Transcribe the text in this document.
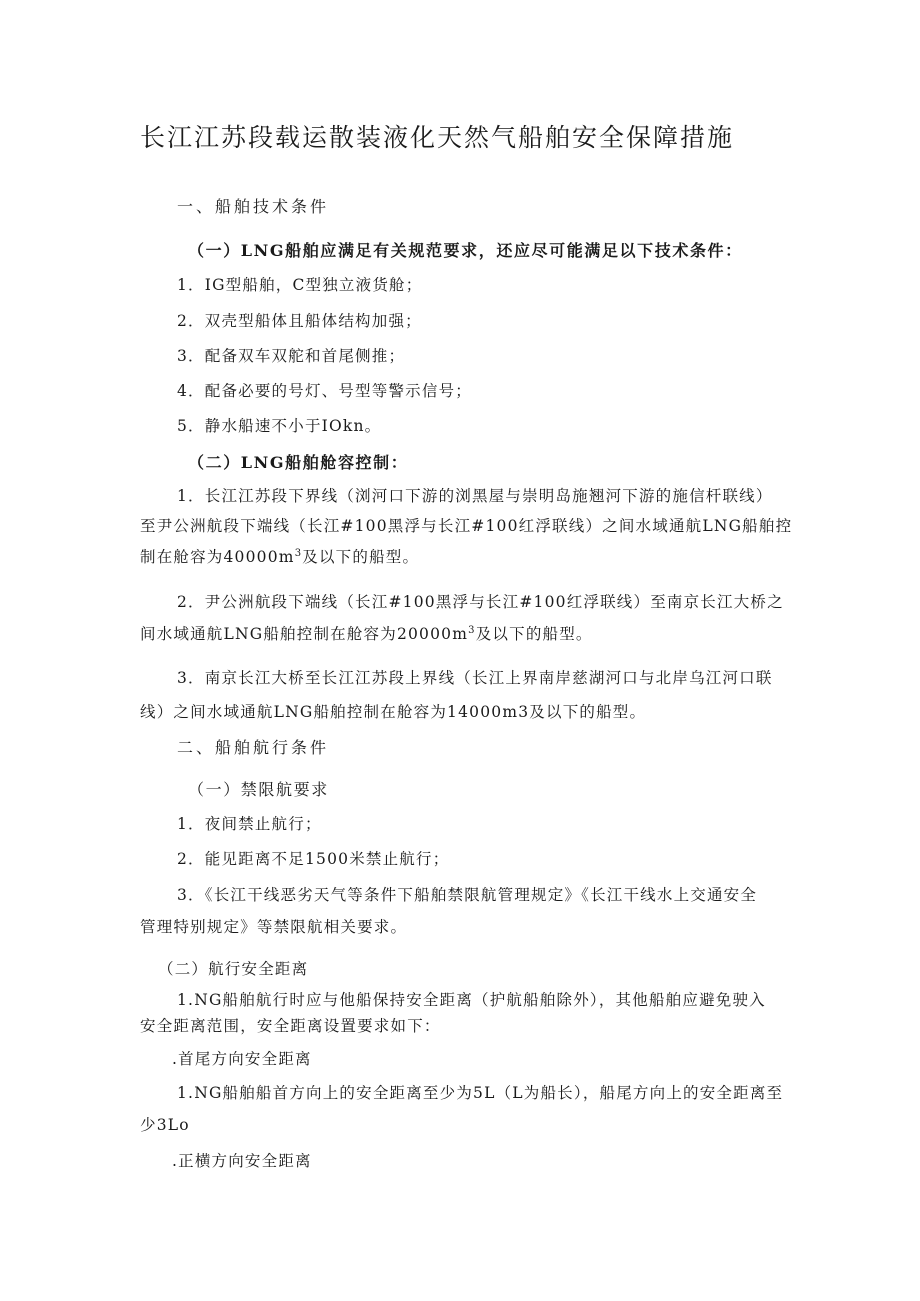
长江江苏段载运散装液化天然气船舶安全保障措施

一、船舶技术条件

（一）LNG船舶应满足有关规范要求，还应尽可能满足以下技术条件：

1．IG型船舶，C型独立液货舱；

2．双壳型船体且船体结构加强；

3．配备双车双舵和首尾侧推；

4．配备必要的号灯、号型等警示信号；

5．静水船速不小于IOkn。

（二）LNG船舶舱容控制：

1．长江江苏段下界线（浏河口下游的浏黑屋与崇明岛施翘河下游的施信杆联线）

至尹公洲航段下端线（长江#100黑浮与长江#100红浮联线）之间水域通航LNG船舶控

制在舱容为$40000m^3$及以下的船型。

2．尹公洲航段下端线（长江#100黑浮与长江#100红浮联线）至南京长江大桥之

间水域通航LNG船舶控制在舱容为$20000m^3$及以下的船型。

3．南京长江大桥至长江江苏段上界线（长江上界南岸慈湖河口与北岸乌江河口联

线）之间水域通航LNG船舶控制在舱容为14000m3及以下的船型。

二、船舶航行条件

（一）禁限航要求

1．夜间禁止航行；

2．能见距离不足1500米禁止航行；

3．《长江干线恶劣天气等条件下船舶禁限航管理规定》《长江干线水上交通安全

管理特别规定》等禁限航相关要求。

（二）航行安全距离

1.NG船舶航行时应与他船保持安全距离（护航船舶除外），其他船舶应避免驶入

安全距离范围，安全距离设置要求如下：

.首尾方向安全距离

1.NG船舶船首方向上的安全距离至少为5L（L为船长），船尾方向上的安全距离至

少3Lo

.正横方向安全距离
